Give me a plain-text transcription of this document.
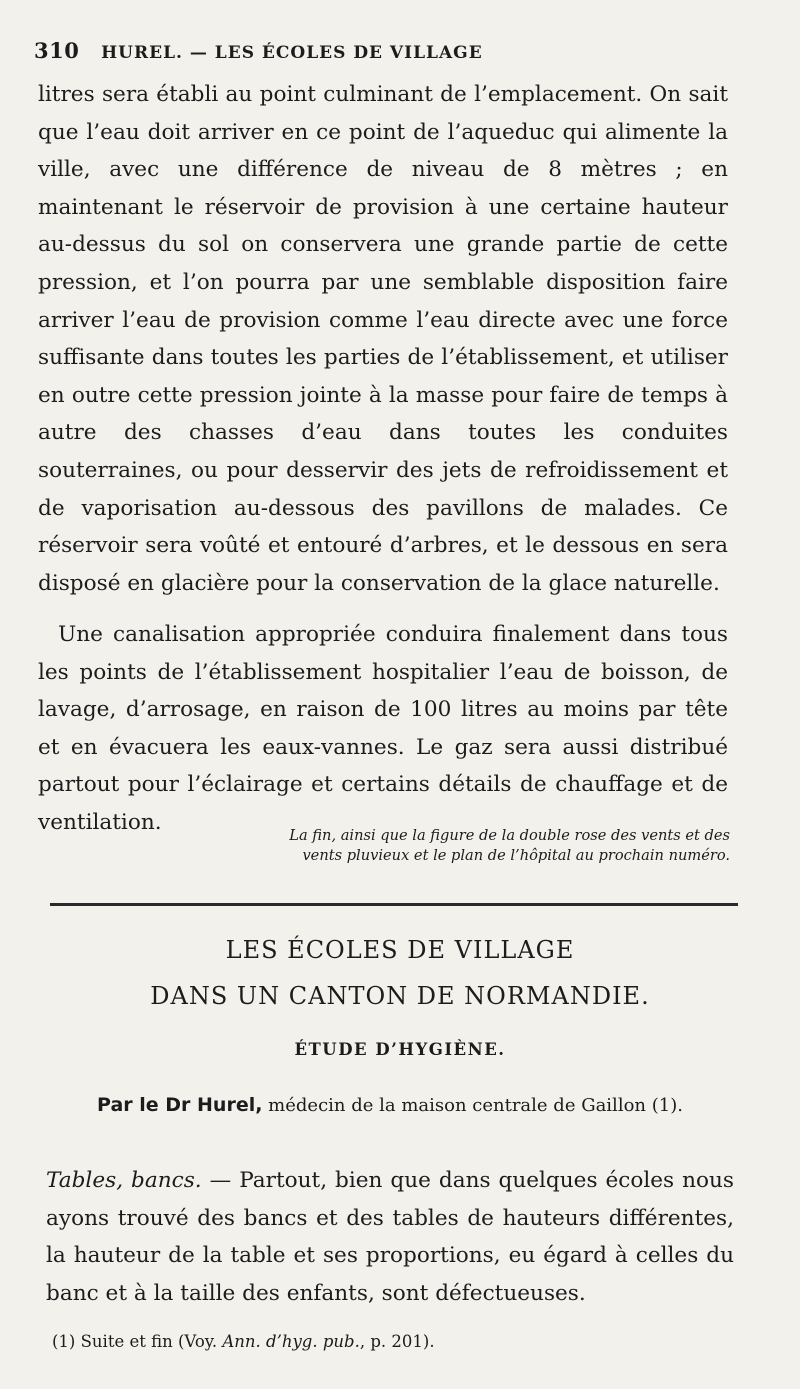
310 HUREL. — LES ÉCOLES DE VILLAGE
litres sera établi au point culminant de l’emplacement. On sait que l’eau doit arriver en ce point de l’aqueduc qui alimente la ville, avec une différence de niveau de 8 mètres ; en maintenant le réservoir de provision à une certaine hauteur au-dessus du sol on conservera une grande partie de cette pression, et l’on pourra par une semblable disposition faire arriver l’eau de provision comme l’eau directe avec une force suffisante dans toutes les parties de l’établissement, et utiliser en outre cette pression jointe à la masse pour faire de temps à autre des chasses d’eau dans toutes les conduites souterraines, ou pour desservir des jets de refroidissement et de vaporisation au-dessous des pavillons de malades. Ce réservoir sera voûté et entouré d’arbres, et le dessous en sera disposé en glacière pour la conservation de la glace naturelle.
Une canalisation appropriée conduira finalement dans tous les points de l’établissement hospitalier l’eau de boisson, de lavage, d’arrosage, en raison de 100 litres au moins par tête et en évacuera les eaux-vannes. Le gaz sera aussi distribué partout pour l’éclairage et certains détails de chauffage et de ventilation.
La fin, ainsi que la figure de la double rose des vents et des
vents pluvieux et le plan de l’hôpital au prochain numéro.
LES ÉCOLES DE VILLAGE
DANS UN CANTON DE NORMANDIE.
ÉTUDE D’HYGIÈNE.
Par le Dr Hurel, médecin de la maison centrale de Gaillon (1).
Tables, bancs. — Partout, bien que dans quelques écoles nous ayons trouvé des bancs et des tables de hauteurs différentes, la hauteur de la table et ses proportions, eu égard à celles du banc et à la taille des enfants, sont défectueuses.
(1) Suite et fin (Voy. Ann. d’hyg. pub., p. 201).
